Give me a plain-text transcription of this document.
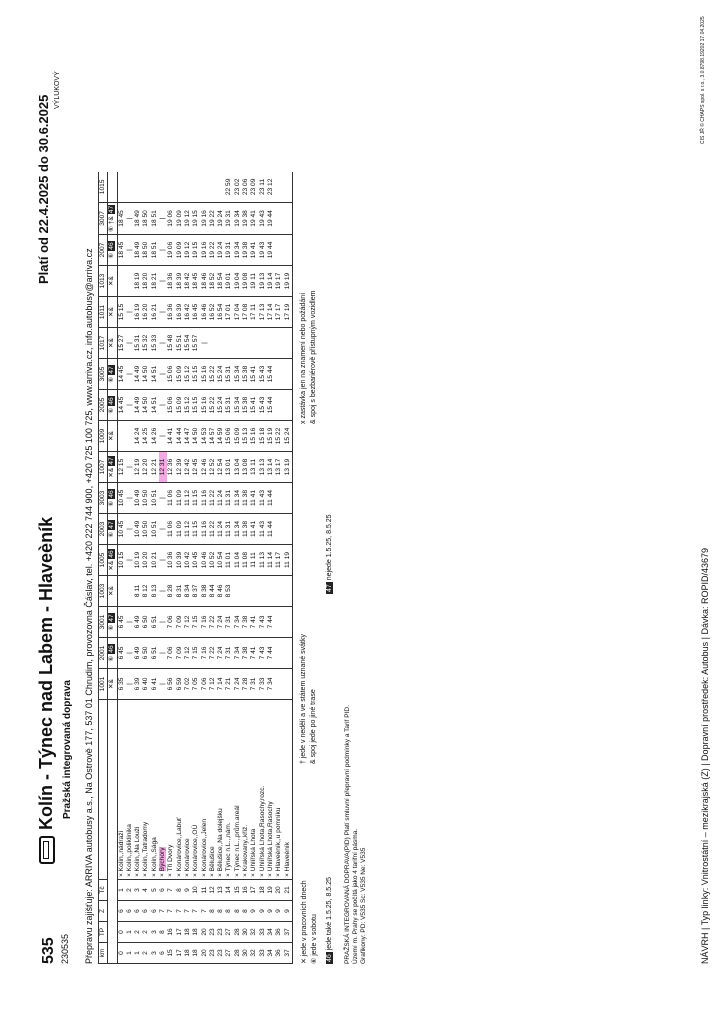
535 230535
Kolín - Týnec nad Labem - Hlaveèník Pražská integrovaná doprava
Platí od 22.4.2025 do 30.6.2025
VÝLUKOVÝ
Přepravu zajišťuje: ARRIVA autobusy a.s., Na Ostrově 177, 537 01 Chrudim, provozovna Čáslav, tel. +420 222 744 900, +420 725 100 725, www.arriva.cz, info.autobusy@arriva.cz km	TP	Z	Tč		1001	2001	3001	1003	1005	2003	3003	1007	1009	2005	3005	1017	1011	1013	2007	3007	1015
					✕&	⑥46	⑥47	✕&	✕&46	⑥47	⑥46	✕&47	✕&	⑥46	⑥47	✕&	✕&	✕&	⑥46	⑥ †&47	
0	0	6	1	× Kolín,,nádraží	6 35	6 45	6 45		10 15	10 45	10 45	12 15		14 45	14 45	15 27	15 15		18 45	18 45	
1	1	6	2	× Kolín,,poliklinika	|	|	|		|	|	|	|		|	|	|	|		|	|	
1	2	6	3	× Kolín,,Na Louži	6 39	6 49	6 49	8 11	10 19	10 49	10 49	12 19	14 24	14 49	14 49	15 31	16 19	18 19	18 49	18 49	
2	2	6	4	× Kolín,,Tatradomy	6 40	6 50	6 50	8 12	10 20	10 50	10 50	12 20	14 25	14 50	14 50	15 32	16 20	18 20	18 50	18 50	
3	3	6	5	× Kolín,,Sága	6 41	6 51	6 51	8 13	10 21	10 51	10 51	12 21	14 26	14 51	14 51	15 33	16 21	18 21	18 51	18 51	
6	8	7	6	× Býchory	|	|	|	|	|	|	|	12 31	|	|	|	|	|	|	|	|	
15	16	7	7	× Tři Dvory	6 56	7 06	7 06	8 28	10 36	11 06	11 06	12 36	14 41	15 06	15 06	15 48	16 36	18 36	19 06	19 06	
17	17	7	8	× Konárovice,,Labuť	6 59	7 09	7 09	8 31	10 39	11 09	11 09	12 39	14 44	15 09	15 09	15 51	16 39	18 39	19 09	19 09	
18	18	7	9	× Konárovice	7 02	7 12	7 12	8 34	10 42	11 12	11 12	12 42	14 47	15 12	15 12	15 54	16 42	18 42	19 12	19 12	
18	18	7	10	× Konárovice,,OÚ	7 05	7 15	7 15	8 37	10 45	11 15	11 15	12 45	14 50	15 15	15 15	15 57	16 45	18 45	19 15	19 15	
20	20	7	11	× Konárovice,,Jelen	7 06	7 16	7 16	8 38	10 46	11 16	11 16	12 46	14 53	15 16	15 16	|	16 46	18 46	19 16	19 16	
23	23	8	12	× Bělušice	7 12	7 22	7 22	8 44	10 52	11 22	11 22	12 52	14 57	15 22	15 22		16 52	18 52	19 22	19 22	
23	23	8	13	× Bělušice,,Na dolejšku	7 14	7 24	7 24	8 46	10 54	11 24	11 24	12 54	14 59	15 24	15 24		16 54	18 54	19 24	19 24	
27	27	8	14	× Týnec n.L.,,nám.	7 21	7 31	7 31	8 53	11 01	11 31	11 31	13 01	15 06	15 31	15 31		17 01	19 01	19 31	19 31	22 59
28	28	8	15	× Týnec n.L.,,prům.areál	7 24	7 34	7 34		11 04	11 34	11 34	13 04	15 09	15 34	15 34		17 04	19 04	19 34	19 34	23 02
30	30	8	16	× Krakovany,,křiž.	7 28	7 38	7 38		11 08	11 38	11 38	13 08	15 13	15 38	15 38		17 08	19 08	19 38	19 38	23 06
32	32	9	17	× Uhlířská Lhota	7 31	7 41	7 41		11 11	11 41	11 41	13 11	15 16	15 41	15 41		17 11	19 11	19 41	19 41	23 09
33	33	9	18	× Uhlířská Lhota,Rasochy,rozc.	7 33	7 43	7 43		11 13	11 43	11 43	13 13	15 18	15 43	15 43		17 13	19 13	19 43	19 43	23 11
34	34	9	19	× Uhlířská Lhota,Rasochy	7 34	7 44	7 44		11 14	11 44	11 44	13 14	15 19	15 44	15 44		17 14	19 14	19 44	19 44	23 12
36	36	9	20	× Hlaveèník,,u pomníku					11 17			13 17	15 22				17 17	19 17			
37	37	9	21	× Hlaveèník					11 19			13 19	15 24				17 19	19 19			
✕ jede v pracovních dnech ⑥ jede v sobotu
† jede v neděli a ve státem uznané svátky & spoj jede po jiné trase
x zastávka jen na znamení nebo požádání & spoj s bezbariérově přístupným vozidlem
46 jede také 1.5.25, 8.5.25
47 nejede 1.5.25, 8.5.25
PRAŽSKÁ INTEGROVANÁ DOPRAVA(PID) Platí smluvní přepravní podmínky a Tarif PID. Území m. Prahy se počítá jako 4 tarifní pásma. Grafikony: PD: V535 Sc: V535 Ne: V535	NÁVRH | Typ linky: Vnitrostátní – mezikrajská (Z) | Dopravní prostředek: Autobus | Dávka: ROPID/43679
CIS JŘ © CHAPS spol. s r.o., 3.0.8798.19202 17.04.2025
